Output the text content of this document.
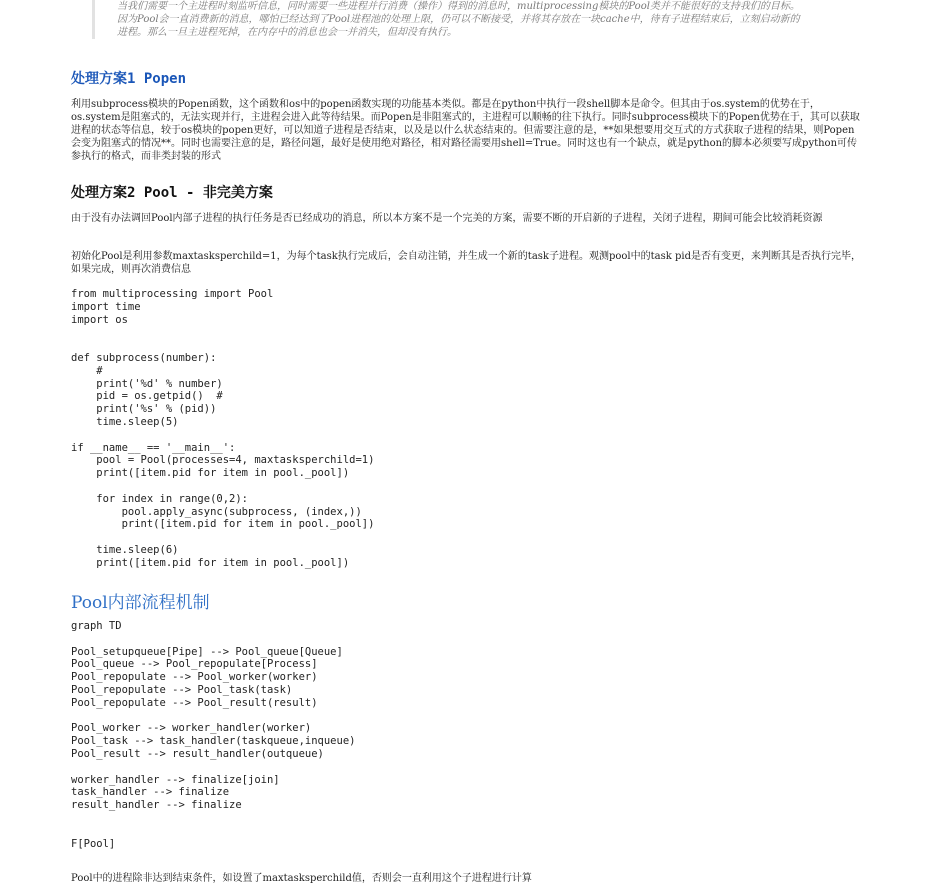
当我们需要一个主进程时刻监听信息，同时需要一些进程并行消费（操作）得到的消息时，multiprocessing模块的Pool类并不能很好的支持我们的目标。因为Pool会一直消费新的消息，哪怕已经达到了Pool进程池的处理上限，仍可以不断接受，并将其存放在一块cache中，待有子进程结束后，立刻启动新的进程。那么一旦主进程死掉，在内存中的消息也会一并消失，但却没有执行。

处理方案1 Popen

利用subprocess模块的Popen函数，这个函数和os中的popen函数实现的功能基本类似。都是在python中执行一段shell脚本是命令。但其由于os.system的优势在于，os.system是阻塞式的，无法实现并行，主进程会进入此等待结果。而Popen是非阻塞式的，主进程可以顺畅的往下执行。同时subprocess模块下的Popen优势在于，其可以获取进程的状态等信息，较于os模块的popen更好，可以知道子进程是否结束，以及是以什么状态结束的。但需要注意的是，**如果想要用交互式的方式获取子进程的结果，则Popen会变为阻塞式的情况**。同时也需要注意的是，路径问题，最好是使用绝对路径，相对路径需要用shell=True。同时这也有一个缺点，就是python的脚本必须要写成python可传参执行的格式，而非类封装的形式

处理方案2 Pool - 非完美方案

由于没有办法调回Pool内部子进程的执行任务是否已经成功的消息，所以本方案不是一个完美的方案，需要不断的开启新的子进程，关闭子进程，期间可能会比较消耗资源

初始化Pool是利用参数maxtasksperchild=1，为每个task执行完成后，会自动注销，并生成一个新的task子进程。观测pool中的task pid是否有变更，来判断其是否执行完毕，如果完成，则再次消费信息

from multiprocessing import Pool
import time
import os

def subprocess(number):
#
print('%d' % number)
pid = os.getpid()  #
print('%s' % (pid))
time.sleep(5)

if __name__ == '__main__':
pool = Pool(processes=4, maxtasksperchild=1)
print([item.pid for item in pool._pool])

for index in range(0,2):
pool.apply_async(subprocess, (index,))
print([item.pid for item in pool._pool])

time.sleep(6)
print([item.pid for item in pool._pool])
Pool内部流程机制
graph TD

Pool_setupqueue[Pipe] --> Pool_queue[Queue]
Pool_queue --> Pool_repopulate[Process]
Pool_repopulate --> Pool_worker(worker)
Pool_repopulate --> Pool_task(task)
Pool_repopulate --> Pool_result(result)

Pool_worker --> worker_handler(worker)
Pool_task --> task_handler(taskqueue,inqueue)
Pool_result --> result_handler(outqueue)

worker_handler --> finalize[join]
task_handler --> finalize
result_handler --> finalize

F[Pool]

Pool中的进程除非达到结束条件，如设置了maxtasksperchild值，否则会一直利用这个子进程进行计算
